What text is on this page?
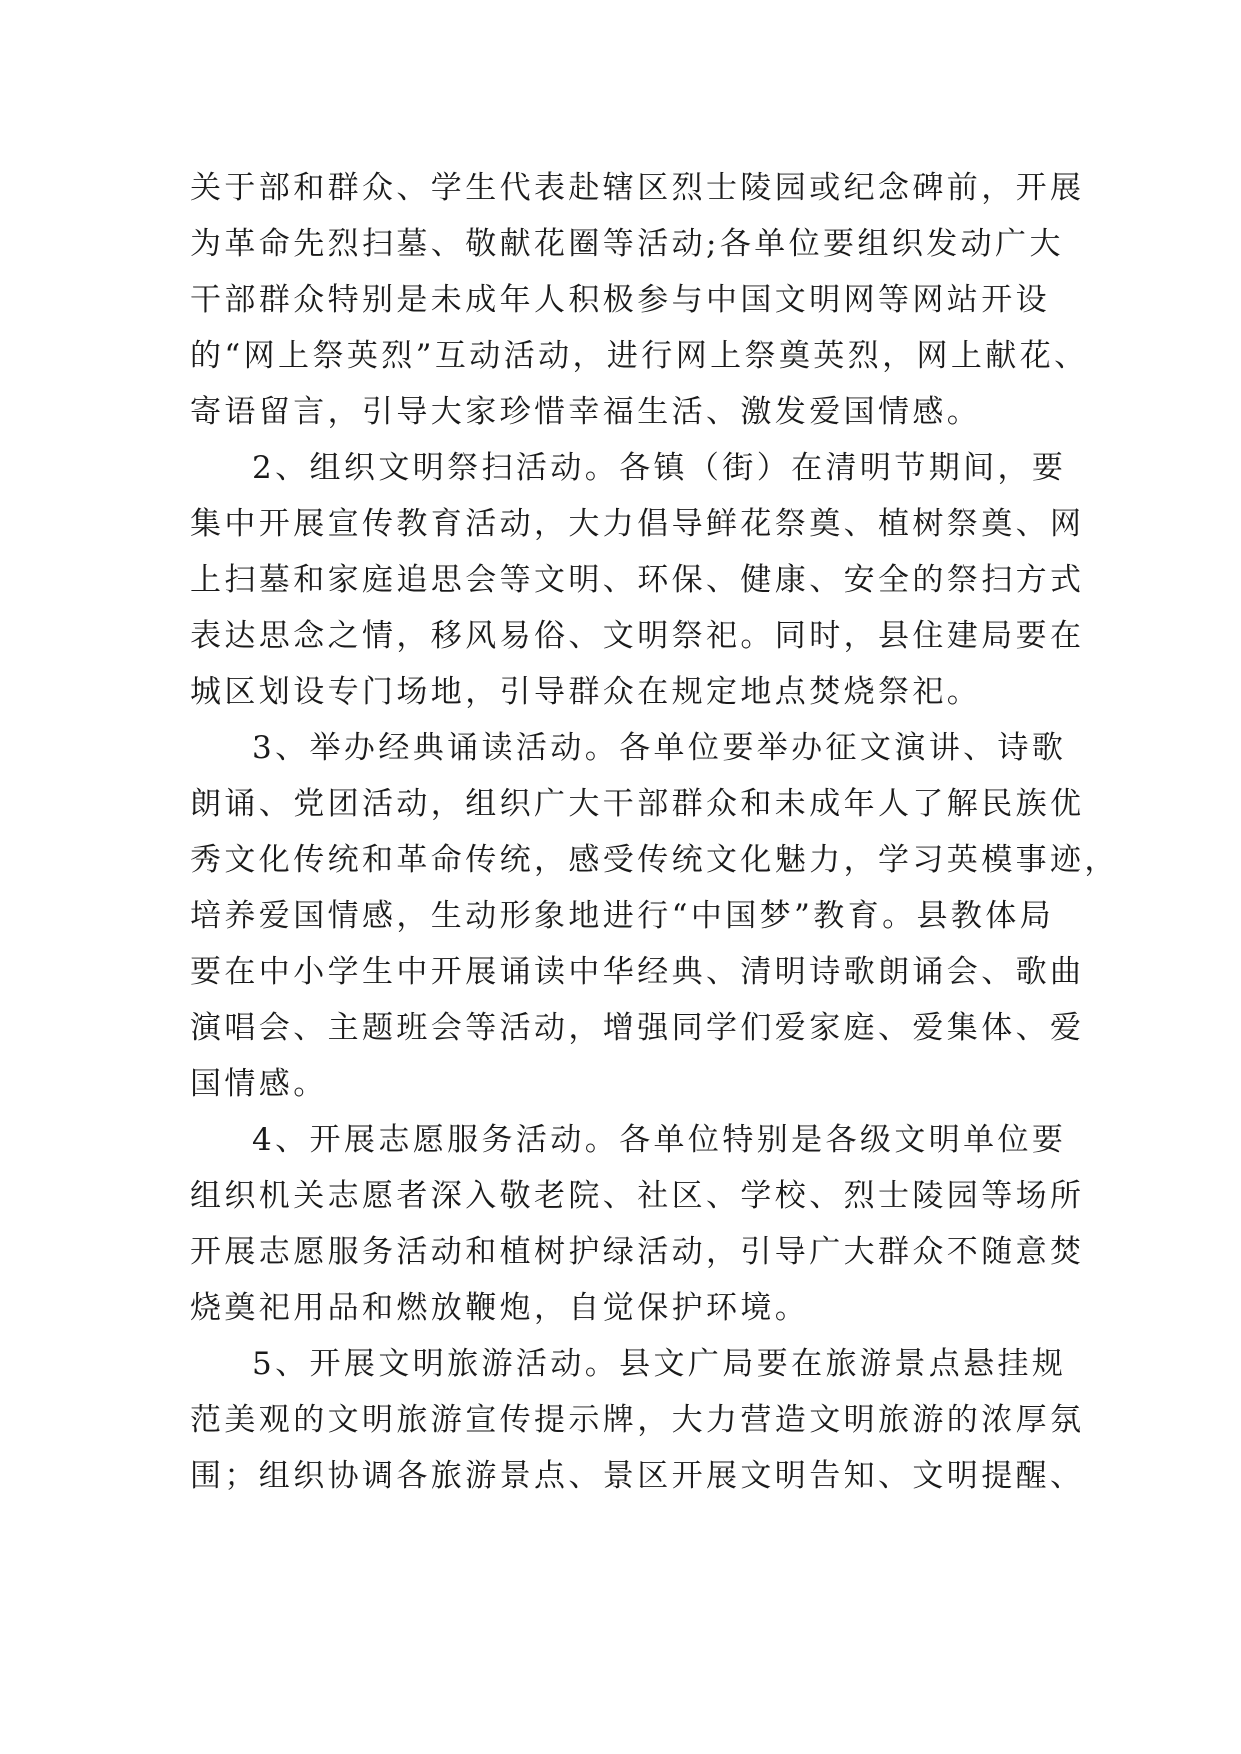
关于部和群众、学生代表赴辖区烈士陵园或纪念碑前，开展
为革命先烈扫墓、敬献花圈等活动;各单位要组织发动广大
干部群众特别是未成年人积极参与中国文明网等网站开设
的“网上祭英烈”互动活动，进行网上祭奠英烈，网上献花、
寄语留言，引导大家珍惜幸福生活、激发爱国情感。
2、组织文明祭扫活动。各镇（街）在清明节期间，要
集中开展宣传教育活动，大力倡导鲜花祭奠、植树祭奠、网
上扫墓和家庭追思会等文明、环保、健康、安全的祭扫方式
表达思念之情，移风易俗、文明祭祀。同时，县住建局要在
城区划设专门场地，引导群众在规定地点焚烧祭祀。
3、举办经典诵读活动。各单位要举办征文演讲、诗歌
朗诵、党团活动，组织广大干部群众和未成年人了解民族优
秀文化传统和革命传统，感受传统文化魅力，学习英模事迹，
培养爱国情感，生动形象地进行“中国梦”教育。县教体局
要在中小学生中开展诵读中华经典、清明诗歌朗诵会、歌曲
演唱会、主题班会等活动，增强同学们爱家庭、爱集体、爱
国情感。
4、开展志愿服务活动。各单位特别是各级文明单位要
组织机关志愿者深入敬老院、社区、学校、烈士陵园等场所
开展志愿服务活动和植树护绿活动，引导广大群众不随意焚
烧奠祀用品和燃放鞭炮，自觉保护环境。
5、开展文明旅游活动。县文广局要在旅游景点悬挂规
范美观的文明旅游宣传提示牌，大力营造文明旅游的浓厚氛
围；组织协调各旅游景点、景区开展文明告知、文明提醒、
